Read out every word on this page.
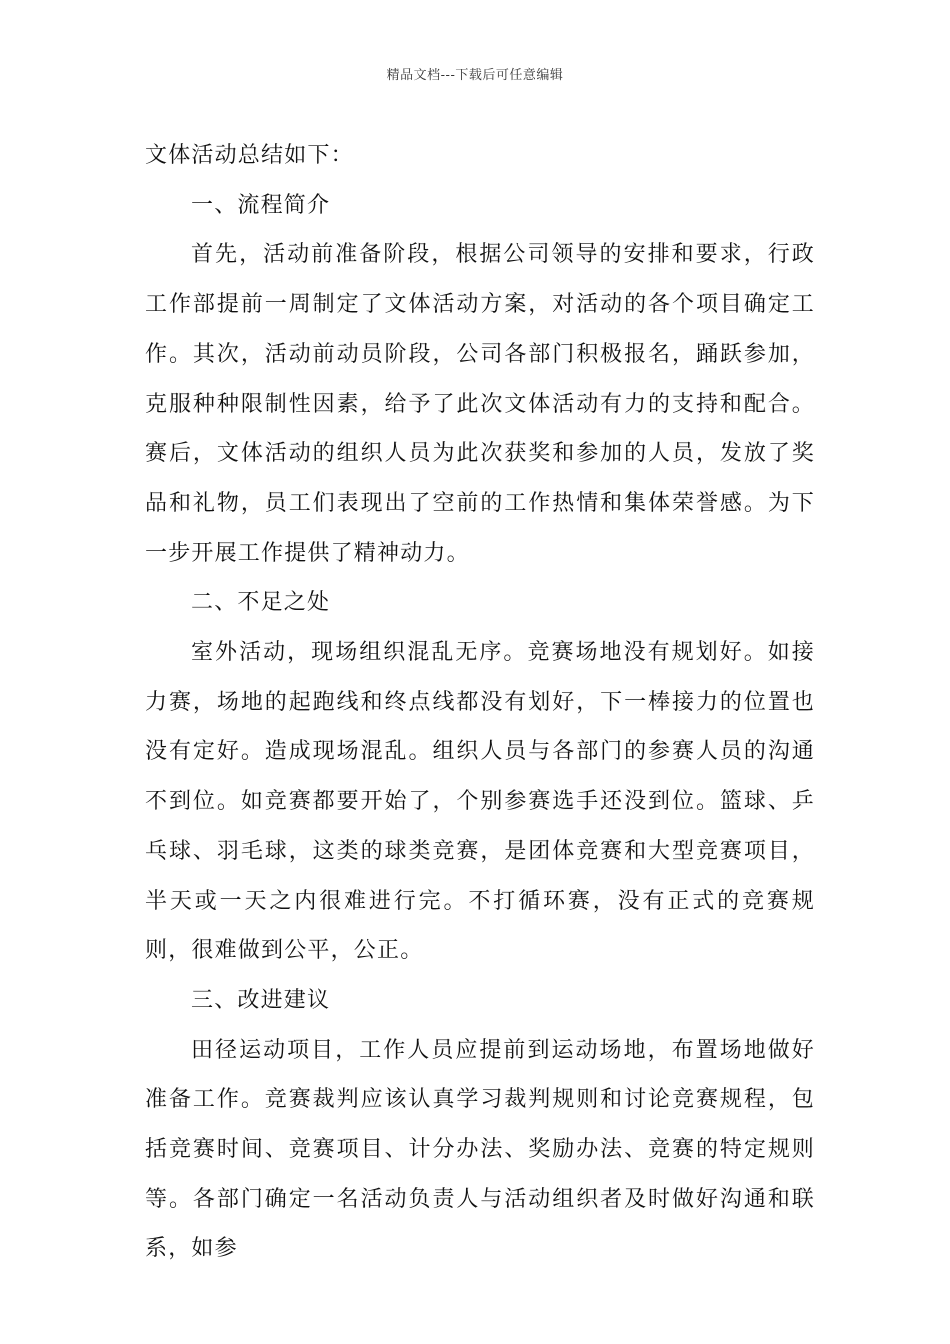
精品文档---下载后可任意编辑

文体活动总结如下：

一、流程简介

首先，活动前准备阶段，根据公司领导的安排和要求，行政工作部提前一周制定了文体活动方案，对活动的各个项目确定工作。其次，活动前动员阶段，公司各部门积极报名，踊跃参加，克服种种限制性因素，给予了此次文体活动有力的支持和配合。赛后，文体活动的组织人员为此次获奖和参加的人员，发放了奖品和礼物，员工们表现出了空前的工作热情和集体荣誉感。为下一步开展工作提供了精神动力。

二、不足之处

室外活动，现场组织混乱无序。竞赛场地没有规划好。如接力赛，场地的起跑线和终点线都没有划好，下一棒接力的位置也没有定好。造成现场混乱。组织人员与各部门的参赛人员的沟通不到位。如竞赛都要开始了，个别参赛选手还没到位。篮球、乒乓球、羽毛球，这类的球类竞赛，是团体竞赛和大型竞赛项目，半天或一天之内很难进行完。不打循环赛，没有正式的竞赛规则，很难做到公平，公正。

三、改进建议

田径运动项目，工作人员应提前到运动场地，布置场地做好准备工作。竞赛裁判应该认真学习裁判规则和讨论竞赛规程，包括竞赛时间、竞赛项目、计分办法、奖励办法、竞赛的特定规则等。各部门确定一名活动负责人与活动组织者及时做好沟通和联系，如参
